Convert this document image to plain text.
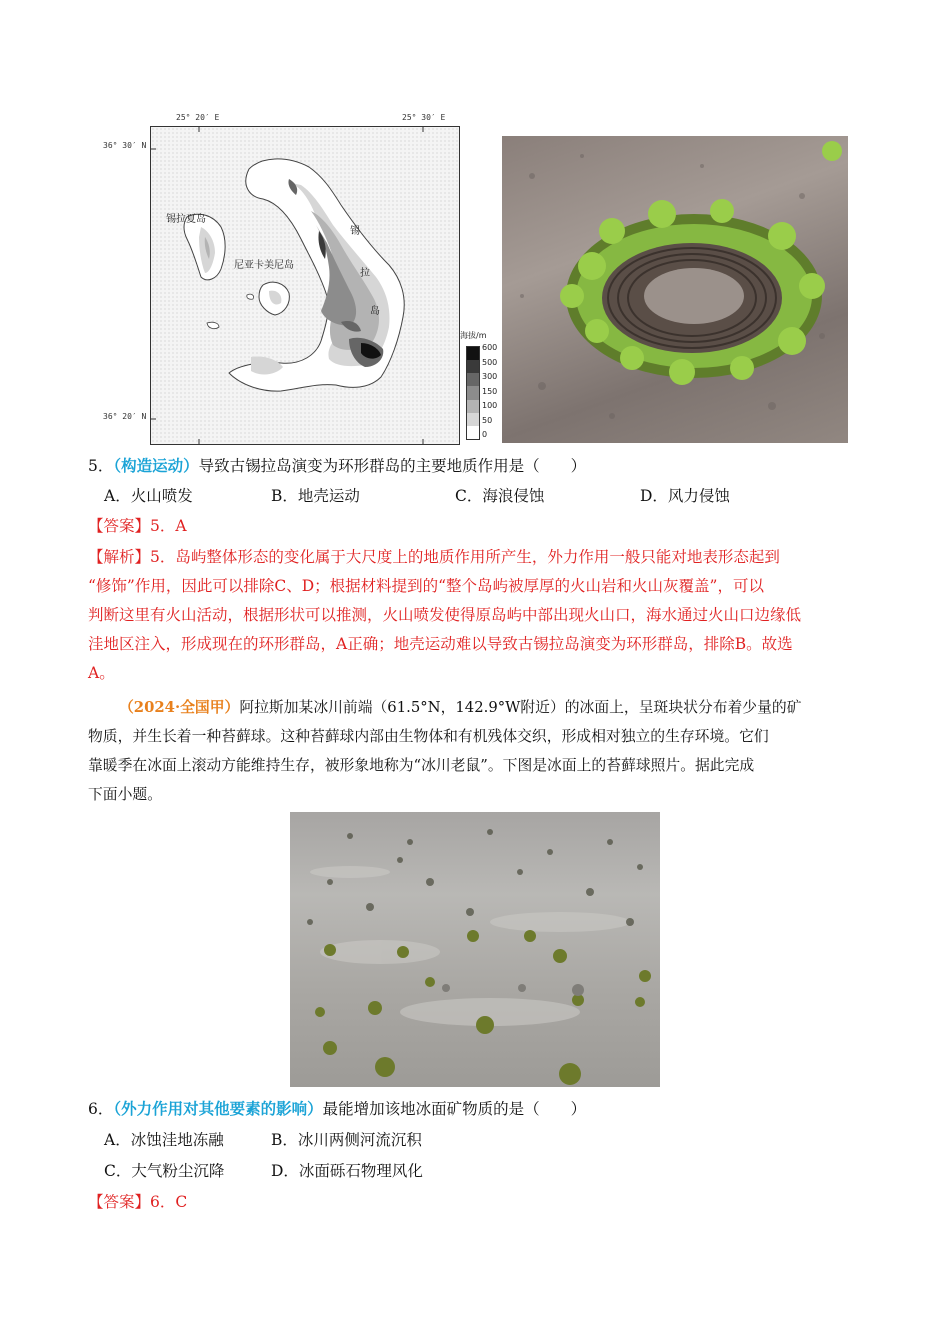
25° 20′ E	25° 30′ E
36° 30′ N
36° 20′ N
锡拉夏岛
尼亚卡美尼岛
锡
拉
岛
海拔/m
600
500
300
150
100
50
0
5．（构造运动）导致古锡拉岛演变为环形群岛的主要地质作用是（　　）
A．火山喷发	B．地壳运动	C．海浪侵蚀	D．风力侵蚀
【答案】5．A
【解析】5．岛屿整体形态的变化属于大尺度上的地质作用所产生，外力作用一般只能对地表形态起到
“修饰”作用，因此可以排除C、D；根据材料提到的“整个岛屿被厚厚的火山岩和火山灰覆盖”，可以
判断这里有火山活动，根据形状可以推测，火山喷发使得原岛屿中部出现火山口，海水通过火山口边缘低
洼地区注入，形成现在的环形群岛，A正确；地壳运动难以导致古锡拉岛演变为环形群岛，排除B。故选
A。
（2024·全国甲）阿拉斯加某冰川前端（61.5°N，142.9°W附近）的冰面上，呈斑块状分布着少量的矿
物质，并生长着一种苔藓球。这种苔藓球内部由生物体和有机残体交织，形成相对独立的生存环境。它们
靠暖季在冰面上滚动方能维持生存，被形象地称为“冰川老鼠”。下图是冰面上的苔藓球照片。据此完成
下面小题。
6．（外力作用对其他要素的影响）最能增加该地冰面矿物质的是（　　）
A．冰蚀洼地冻融	B．冰川两侧河流沉积
C．大气粉尘沉降	D．冰面砾石物理风化
【答案】6．C
